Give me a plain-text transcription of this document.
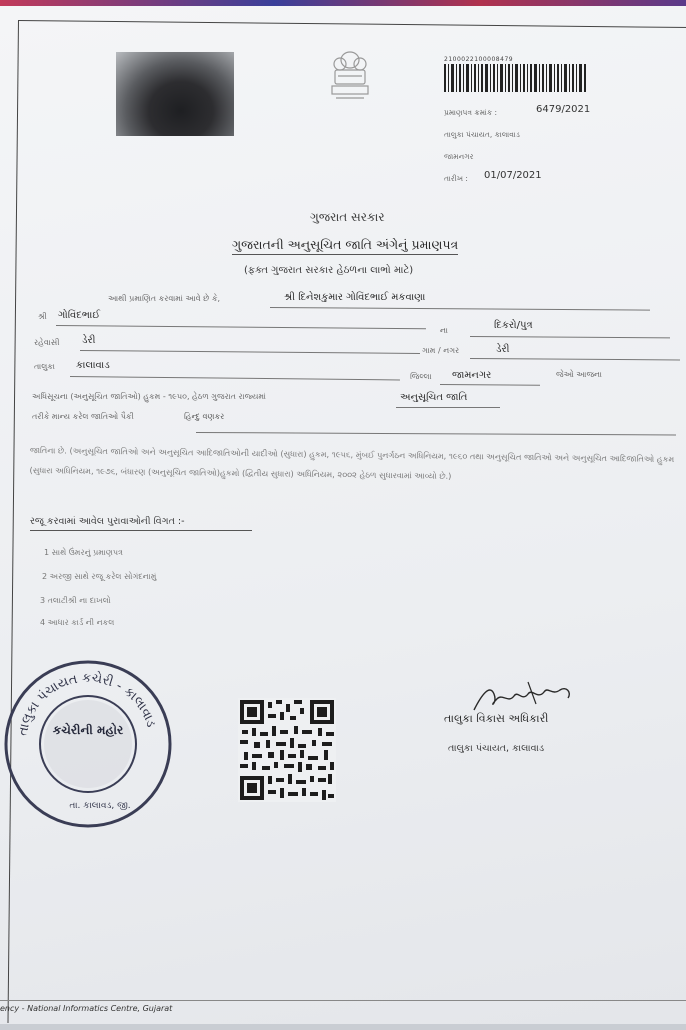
2100022100008479
પ્રમાણપત્ર ક્રમાંક :	6479/2021
તાલુકા પંચાયત, કાલાવાડ
જામનગર
તારીખ : 01/07/2021
ગુજરાત સરકાર
ગુજરાતની અનુસૂચિત જાતિ અંગેનું પ્રમાણપત્ર
(ફક્ત ગુજરાત સરકાર હેઠળના લાભો માટે)
આથી પ્રમાણિત કરવામાં આવે છે કે,	શ્રી દિનેશકુમાર ગોવિંદભાઈ મકવાણા
શ્રી ગોવિંદભાઈ
ના	દિકરો/પુત્ર
રહેવાસી ડેરી
ગામ / નગર	ડેરી
તાલુકા કાલાવાડ
જિલ્લા જામનગર	જેઓ આજના
અધિસૂચના (અનુસૂચિત જાતિઓ) હુકમ - ૧૯૫૦, હેઠળ ગુજરાત રાજ્યમાં	અનુસૂચિત જાતિ
તરીકે માન્ય કરેલ જાતિઓ પૈકી	હિન્દુ વણકર
જાતિના છે. (અનુસૂચિત જાતિઓ અને અનુસૂચિત આદિજાતિઓની યાદીઓ (સુધારા) હુકમ, ૧૯૫૬, મુંબઈ પુનર્ગઠન અધિનિયમ, ૧૯૬૦ તથા અનુસૂચિત જાતિઓ અને અનુસૂચિત આદિજાતિઓ હુકમ (સુધારા અધિનિયમ, ૧૯૭૬, બંધારણ (અનુસૂચિત જાતિઓ)હુકમો (દ્વિતીય સુધારા) અધિનિયમ, ૨૦૦૨ હેઠળ સુધારવામાં આવ્યો છે.)
રજૂ કરવામાં આવેલ પુરાવાઓની વિગત :-
1 સાથે ઉંમરનું પ્રમાણપત્ર
2 અરજી સાથે રજૂ કરેલ સોગંદનામું
3 તલાટીશ્રી ના દાખલો
4 આધાર કાર્ડ ની નકલ
તાલુકા પંચાયત કચેરી - કાલાવાડ
કચેરીની મહોર
તા. કાલાવડ, જી.
તાલુકા વિકાસ અધિકારી
તાલુકા પંચાયત, કાલાવાડ
ency - National Informatics Centre, Gujarat
